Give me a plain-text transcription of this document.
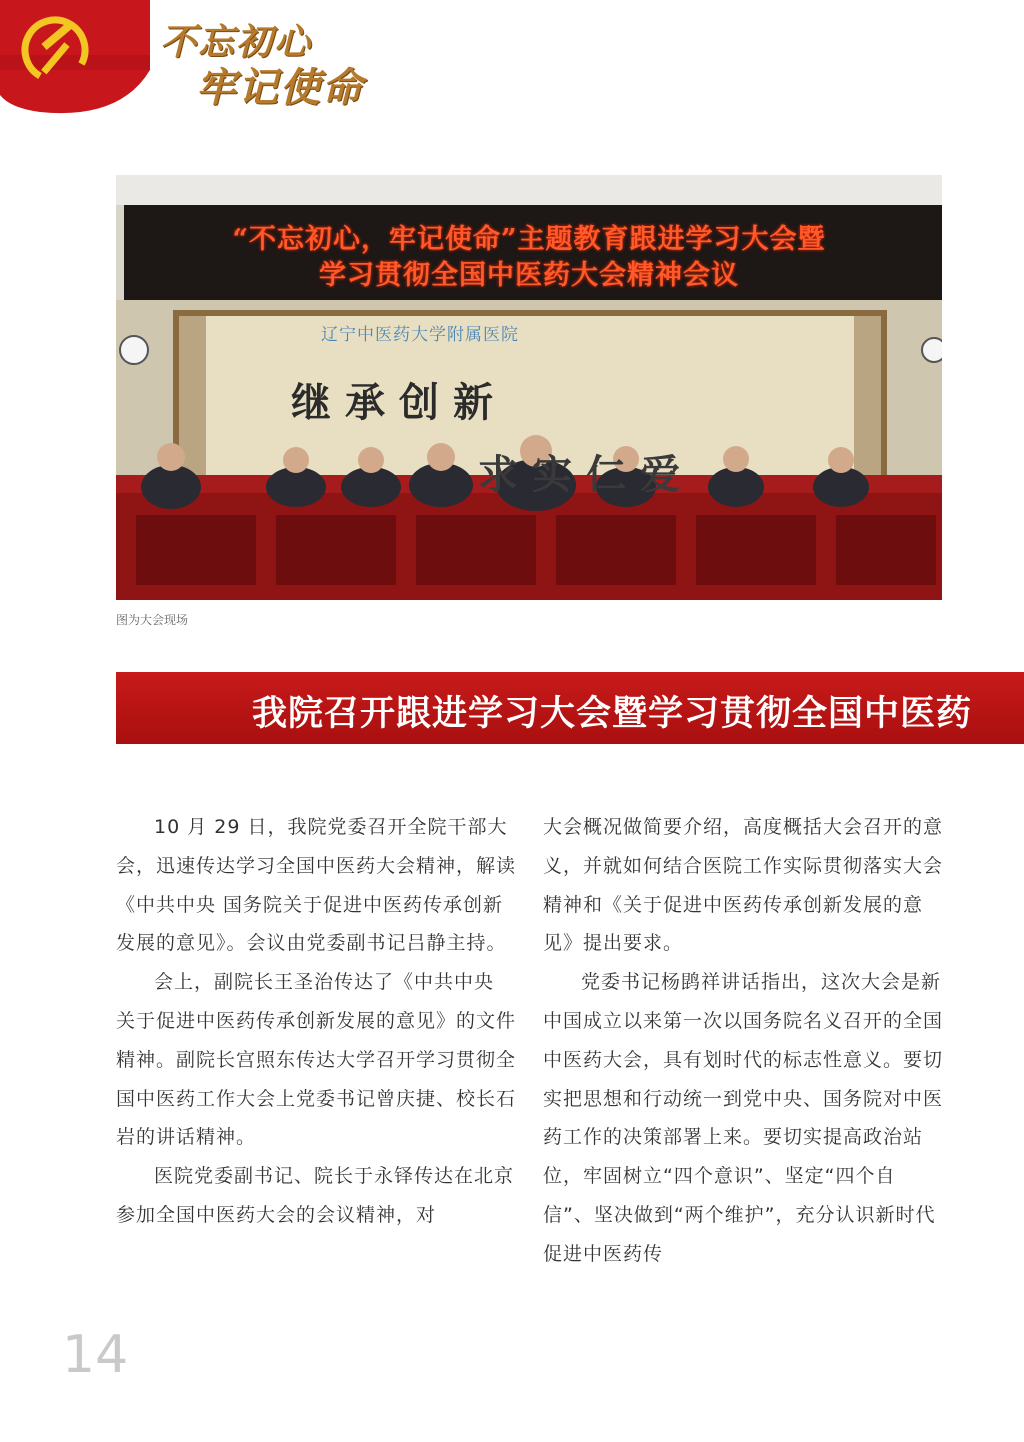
不忘初心
牢记使命
“不忘初心，牢记使命”主题教育跟进学习大会暨
学习贯彻全国中医药大会精神会议
辽宁中医药大学附属医院
继承创新
求实仁爱
图为大会现场
我院召开跟进学习大会暨学习贯彻全国中医药

10 月 29 日，我院党委召开全院干部大会，迅速传达学习全国中医药大会精神，解读《中共中央 国务院关于促进中医药传承创新发展的意见》。会议由党委副书记吕静主持。

会上，副院长王圣治传达了《中共中央 关于促进中医药传承创新发展的意见》的文件精神。副院长宫照东传达大学召开学习贯彻全国中医药工作大会上党委书记曾庆捷、校长石岩的讲话精神。

医院党委副书记、院长于永铎传达在北京参加全国中医药大会的会议精神，对

大会概况做简要介绍，高度概括大会召开的意义，并就如何结合医院工作实际贯彻落实大会精神和《关于促进中医药传承创新发展的意见》提出要求。

党委书记杨鹍祥讲话指出，这次大会是新中国成立以来第一次以国务院名义召开的全国中医药大会，具有划时代的标志性意义。要切实把思想和行动统一到党中央、国务院对中医药工作的决策部署上来。要切实提高政治站位，牢固树立“四个意识”、坚定“四个自信”、坚决做到“两个维护”，充分认识新时代促进中医药传

14
